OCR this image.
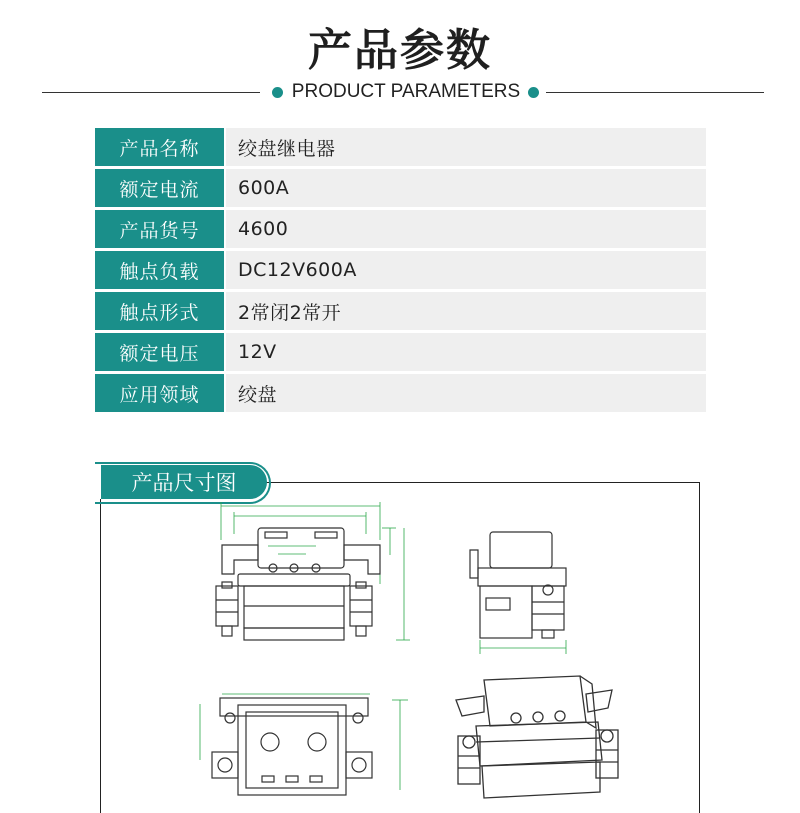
产品参数
PRODUCT PARAMETERS
产品名称	绞盘继电器
额定电流	600A
产品货号	4600
触点负载	DC12V600A
触点形式	2常闭2常开
额定电压	12V
应用领域	绞盘
产品尺寸图
